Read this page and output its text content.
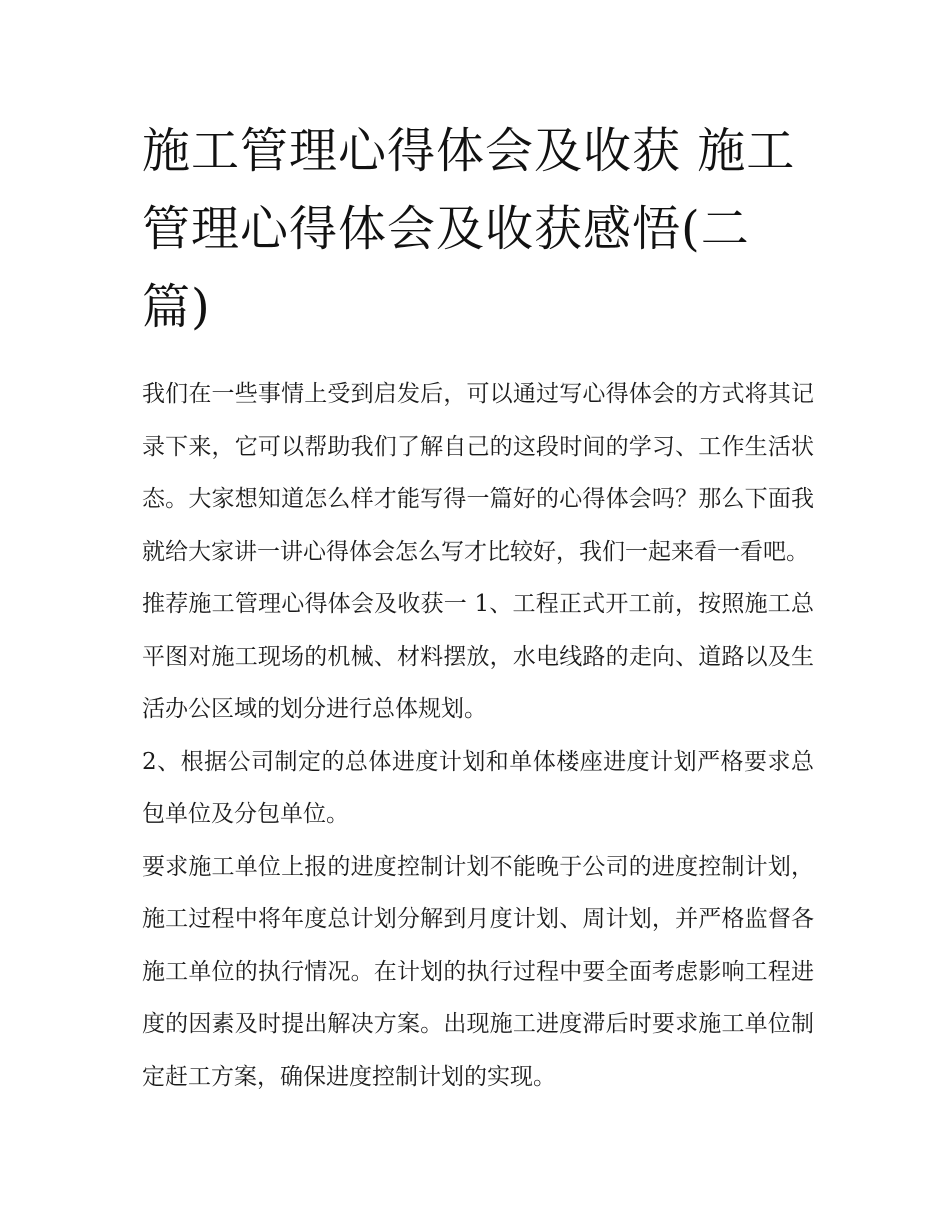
施工管理心得体会及收获 施工管理心得体会及收获感悟(二篇)

我们在一些事情上受到启发后，可以通过写心得体会的方式将其记录下来，它可以帮助我们了解自己的这段时间的学习、工作生活状态。大家想知道怎么样才能写得一篇好的心得体会吗？那么下面我就给大家讲一讲心得体会怎么写才比较好，我们一起来看一看吧。

推荐施工管理心得体会及收获一 1、工程正式开工前，按照施工总平图对施工现场的机械、材料摆放，水电线路的走向、道路以及生活办公区域的划分进行总体规划。

2、根据公司制定的总体进度计划和单体楼座进度计划严格要求总包单位及分包单位。

要求施工单位上报的进度控制计划不能晚于公司的进度控制计划，施工过程中将年度总计划分解到月度计划、周计划，并严格监督各施工单位的执行情况。在计划的执行过程中要全面考虑影响工程进度的因素及时提出解决方案。出现施工进度滞后时要求施工单位制定赶工方案，确保进度控制计划的实现。
